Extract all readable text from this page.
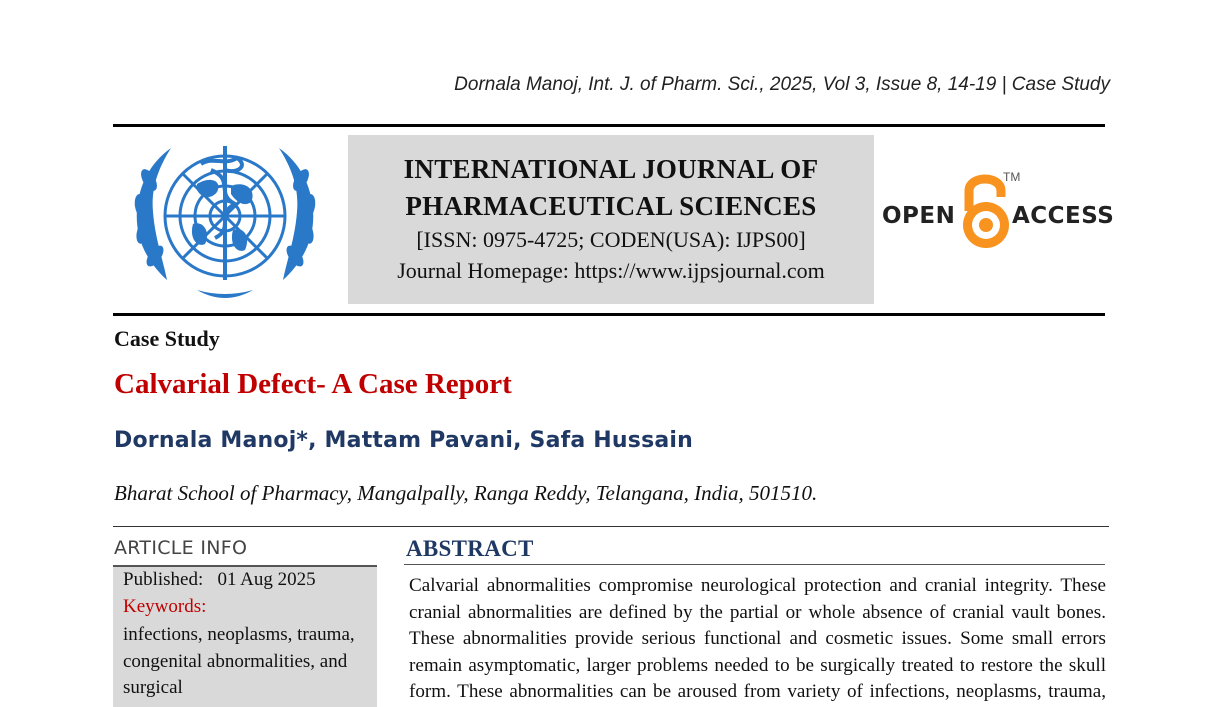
Dornala Manoj, Int. J. of Pharm. Sci., 2025, Vol 3, Issue 8, 14-19 | Case Study
INTERNATIONAL JOURNAL OF
PHARMACEUTICAL SCIENCES
[ISSN: 0975-4725; CODEN(USA): IJPS00]
Journal Homepage: https://www.ijpsjournal.com
OPEN
TM
ACCESS
Case Study
Calvarial Defect- A Case Report
Dornala Manoj*, Mattam Pavani, Safa Hussain
Bharat School of Pharmacy, Mangalpally, Ranga Reddy, Telangana, India, 501510.
ARTICLE INFO
Published: 01 Aug 2025
Keywords:
infections, neoplasms, trauma, congenital abnormalities, and surgical
ABSTRACT
Calvarial abnormalities compromise neurological protection and cranial integrity. These cranial abnormalities are defined by the partial or whole absence of cranial vault bones. These abnormalities provide serious functional and cosmetic issues. Some small errors remain asymptomatic, larger problems needed to be surgically treated to restore the skull form. These abnormalities can be aroused from variety of infections, neoplasms, trauma,
